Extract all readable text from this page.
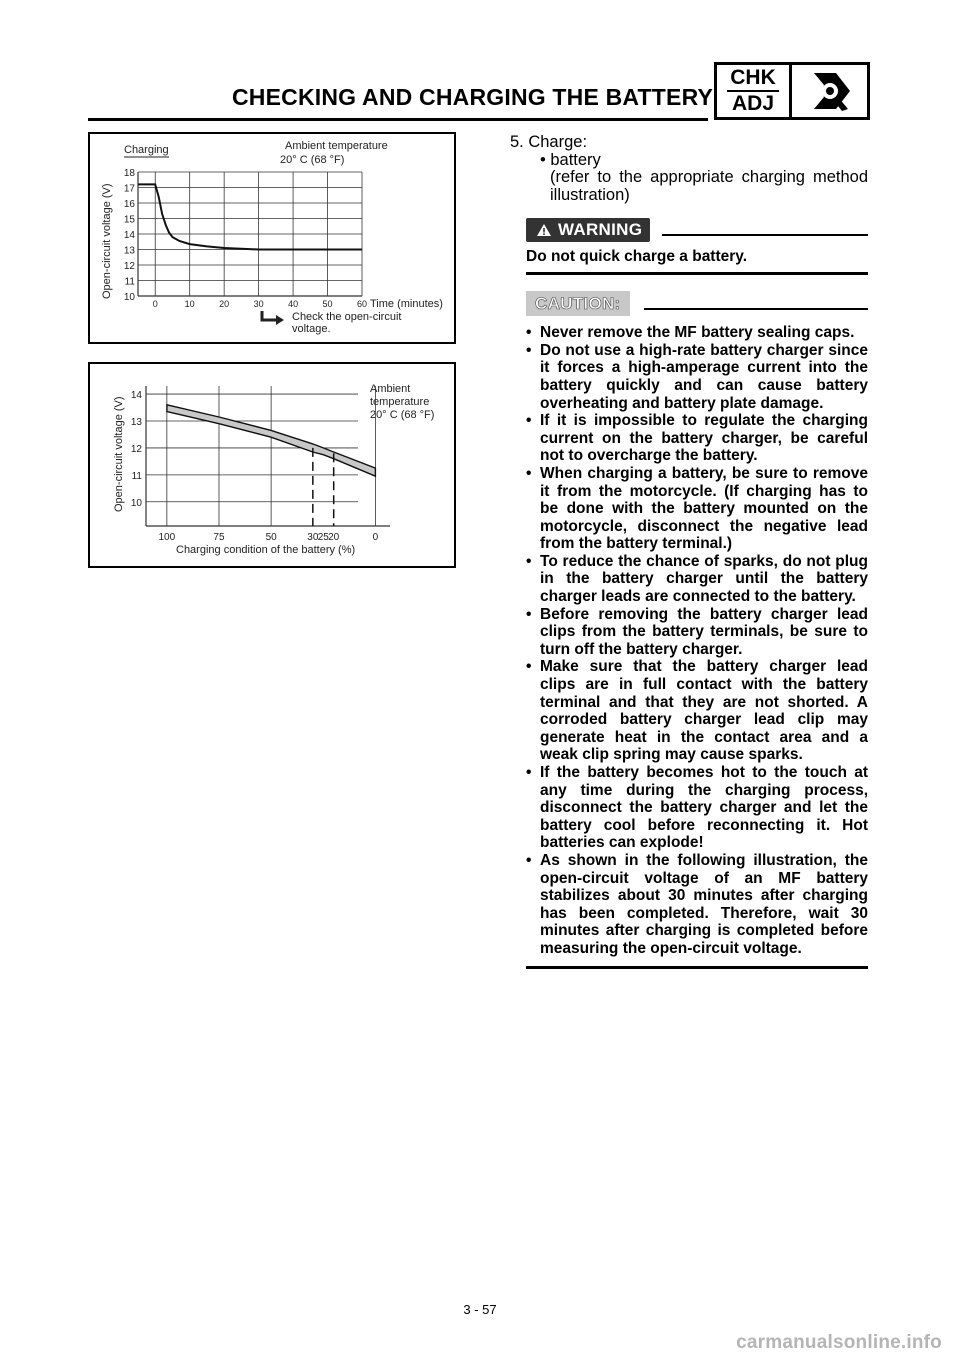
CHECKING AND CHARGING THE BATTERY
CHK
ADJ
Charging	Ambient temperature
20° C (68 °F)
Open-circuit voltage (V)
Time (minutes)
Check the open-circuit
voltage.
10
11
12
13
14
15
16
17
18
0	10	20	30	40	50	60
Ambient
temperature
20° C (68 °F)
Open-circuit voltage (V)
Charging condition of the battery (%)
10
11
12
13
14
100	75	50	30 25 20	0
5. Charge:
• battery
(refer to the appropriate charging method illustration)
WARNING
Do not quick charge a battery.
CAUTION:
• Never remove the MF battery sealing caps.
• Do not use a high-rate battery charger since it forces a high-amperage current into the battery quickly and can cause battery overheating and battery plate damage.
• If it is impossible to regulate the charging current on the battery charger, be careful not to overcharge the battery.
• When charging a battery, be sure to remove it from the motorcycle. (If charging has to be done with the battery mounted on the motorcycle, disconnect the negative lead from the battery terminal.)
• To reduce the chance of sparks, do not plug in the battery charger until the battery charger leads are connected to the battery.
• Before removing the battery charger lead clips from the battery terminals, be sure to turn off the battery charger.
• Make sure that the battery charger lead clips are in full contact with the battery terminal and that they are not shorted. A corroded battery charger lead clip may generate heat in the contact area and a weak clip spring may cause sparks.
• If the battery becomes hot to the touch at any time during the charging process, disconnect the battery charger and let the battery cool before reconnecting it. Hot batteries can explode!
• As shown in the following illustration, the open-circuit voltage of an MF battery stabilizes about 30 minutes after charging has been completed. Therefore, wait 30 minutes after charging is completed before measuring the open-circuit voltage.
3 - 57
carmanualsonline.info
